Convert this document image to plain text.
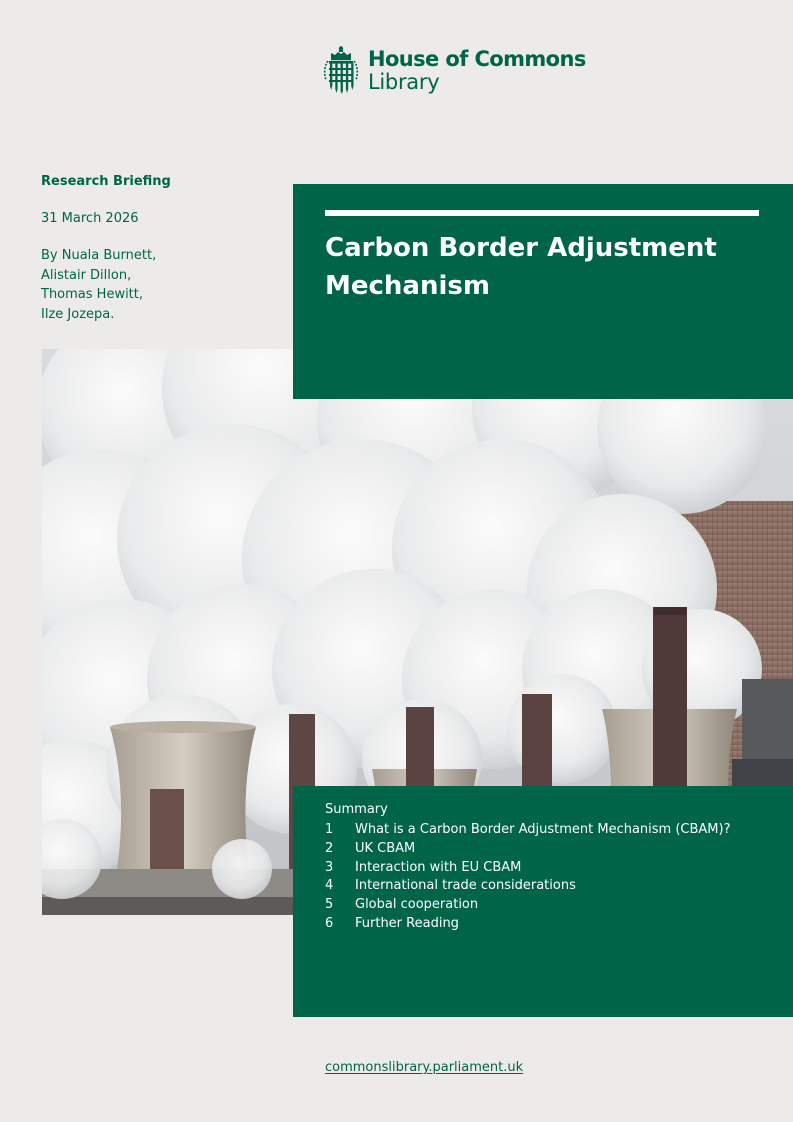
House of Commons
Library
Research Briefing
31 March 2026
By Nuala Burnett,
Alistair Dillon,
Thomas Hewitt,
Ilze Jozepa.
Carbon Border Adjustment Mechanism
Summary
1	What is a Carbon Border Adjustment Mechanism (CBAM)?
2	UK CBAM
3	Interaction with EU CBAM
4	International trade considerations
5	Global cooperation
6	Further Reading
commonslibrary.parliament.uk
